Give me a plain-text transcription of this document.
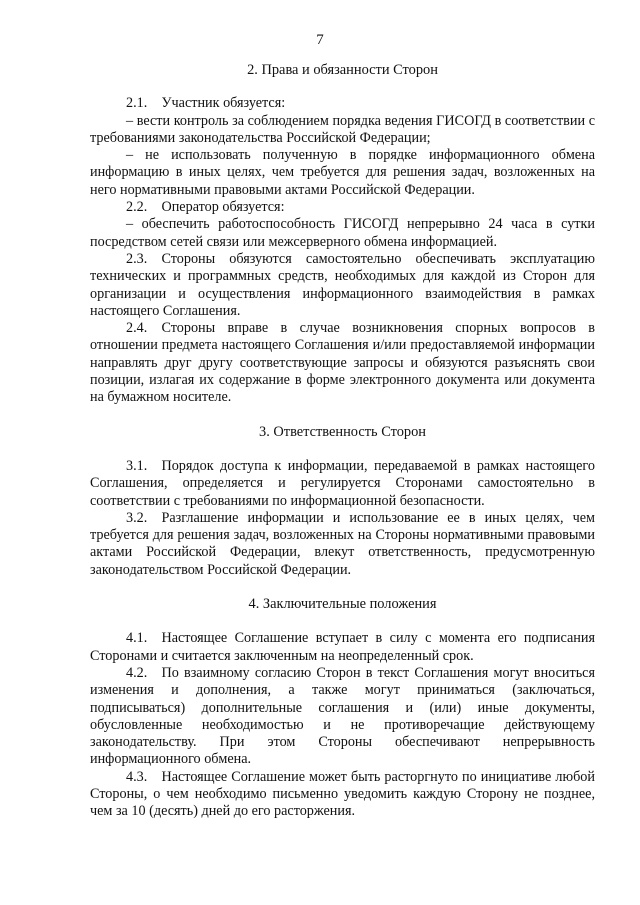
7
2. Права и обязанности Сторон

2.1. Участник обязуется:

– вести контроль за соблюдением порядка ведения ГИСОГД в соответствии с требованиями законодательства Российской Федерации;

– не использовать полученную в порядке информационного обмена информацию в иных целях, чем требуется для решения задач, возложенных на него нормативными правовыми актами Российской Федерации.

2.2. Оператор обязуется:

– обеспечить работоспособность ГИСОГД непрерывно 24 часа в сутки посредством сетей связи или межсерверного обмена информацией.

2.3. Стороны обязуются самостоятельно обеспечивать эксплуатацию технических и программных средств, необходимых для каждой из Сторон для организации и осуществления информационного взаимодействия в рамках настоящего Соглашения.

2.4. Стороны вправе в случае возникновения спорных вопросов в отношении предмета настоящего Соглашения и/или предоставляемой информации направлять друг другу соответствующие запросы и обязуются разъяснять свои позиции, излагая их содержание в форме электронного документа или документа на бумажном носителе.

3. Ответственность Сторон

3.1. Порядок доступа к информации, передаваемой в рамках настоящего Соглашения, определяется и регулируется Сторонами самостоятельно в соответствии с требованиями по информационной безопасности.

3.2. Разглашение информации и использование ее в иных целях, чем требуется для решения задач, возложенных на Стороны нормативными правовыми актами Российской Федерации, влекут ответственность, предусмотренную законодательством Российской Федерации.

4. Заключительные положения

4.1. Настоящее Соглашение вступает в силу с момента его подписания Сторонами и считается заключенным на неопределенный срок.

4.2. По взаимному согласию Сторон в текст Соглашения могут вноситься изменения и дополнения, а также могут приниматься (заключаться, подписываться) дополнительные соглашения и (или) иные документы, обусловленные необходимостью и не противоречащие действующему законодательству. При этом Стороны обеспечивают непрерывность информационного обмена.

4.3. Настоящее Соглашение может быть расторгнуто по инициативе любой Стороны, о чем необходимо письменно уведомить каждую Сторону не позднее, чем за 10 (десять) дней до его расторжения.
